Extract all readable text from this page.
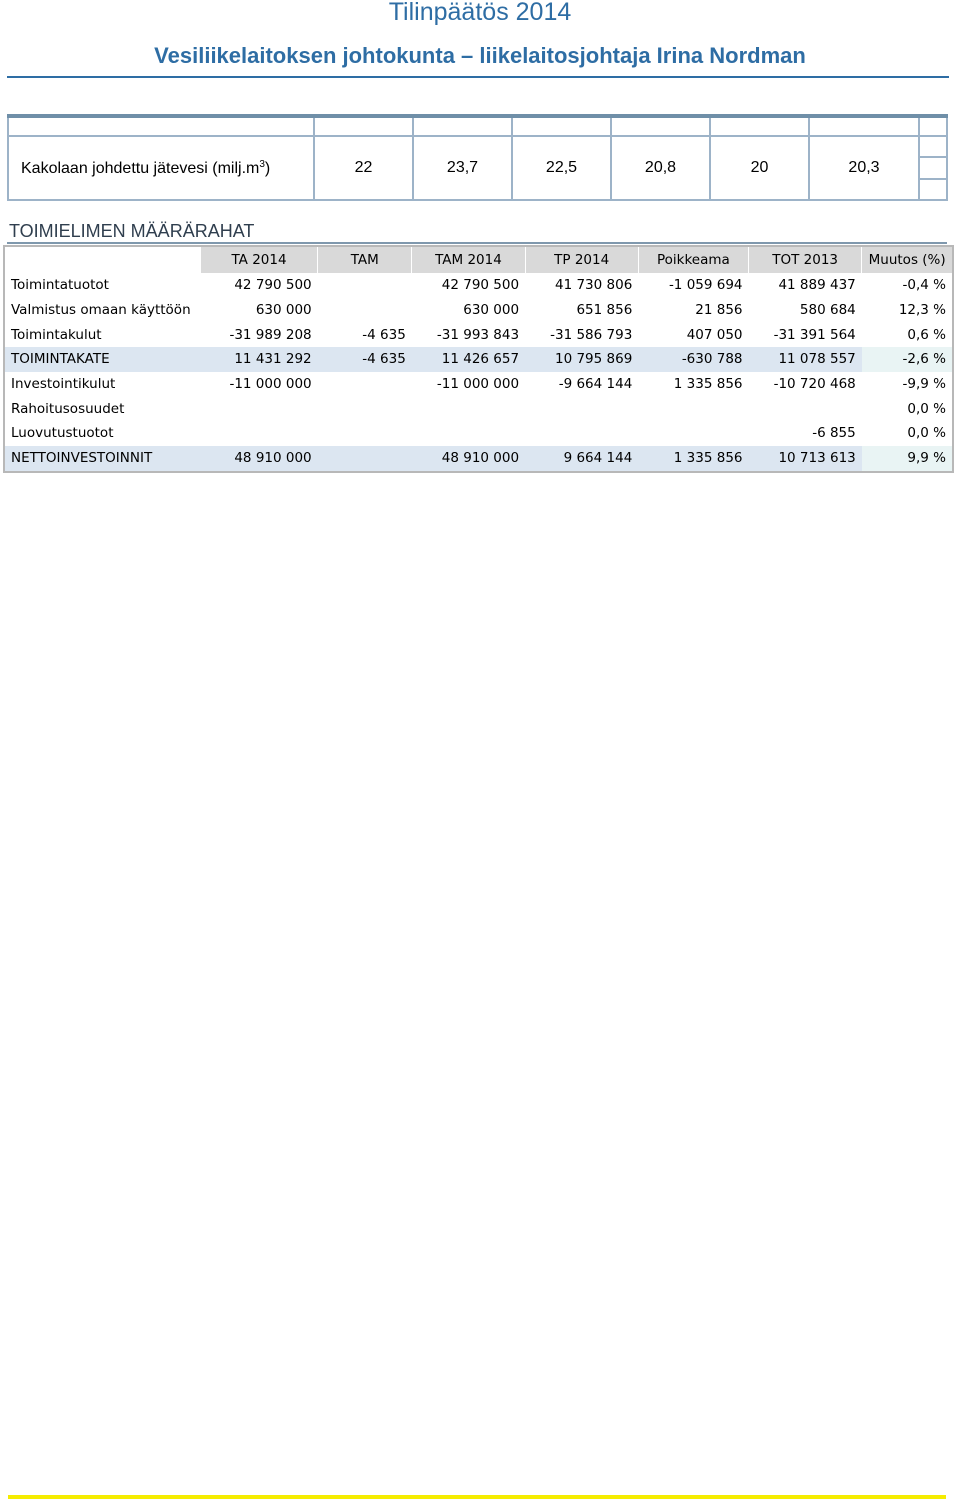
Tilinpäätös 2014
Vesiliikelaitoksen johtokunta – liikelaitosjohtaja Irina Nordman

Kakolaan johdettu jätevesi $(milj.m^3)$	22	23,7	22,5	20,8	20	20,3	

TOIMIELIMEN MÄÄRÄRAHAT
	TA 2014	TAM	TAM 2014	TP 2014	Poikkeama	TOT 2013	Muutos (%)
Toimintatuotot	42 790 500		42 790 500	41 730 806	-1 059 694	41 889 437	-0,4 %
Valmistus omaan käyttöön	630 000		630 000	651 856	21 856	580 684	12,3 %
Toimintakulut	-31 989 208	-4 635	-31 993 843	-31 586 793	407 050	-31 391 564	0,6 %
TOIMINTAKATE	11 431 292	-4 635	11 426 657	10 795 869	-630 788	11 078 557	-2,6 %
Investointikulut	-11 000 000		-11 000 000	-9 664 144	1 335 856	-10 720 468	-9,9 %
Rahoitusosuudet							0,0 %
Luovutustuotot						-6 855	0,0 %
NETTOINVESTOINNIT	48 910 000		48 910 000	9 664 144	1 335 856	10 713 613	9,9 %
